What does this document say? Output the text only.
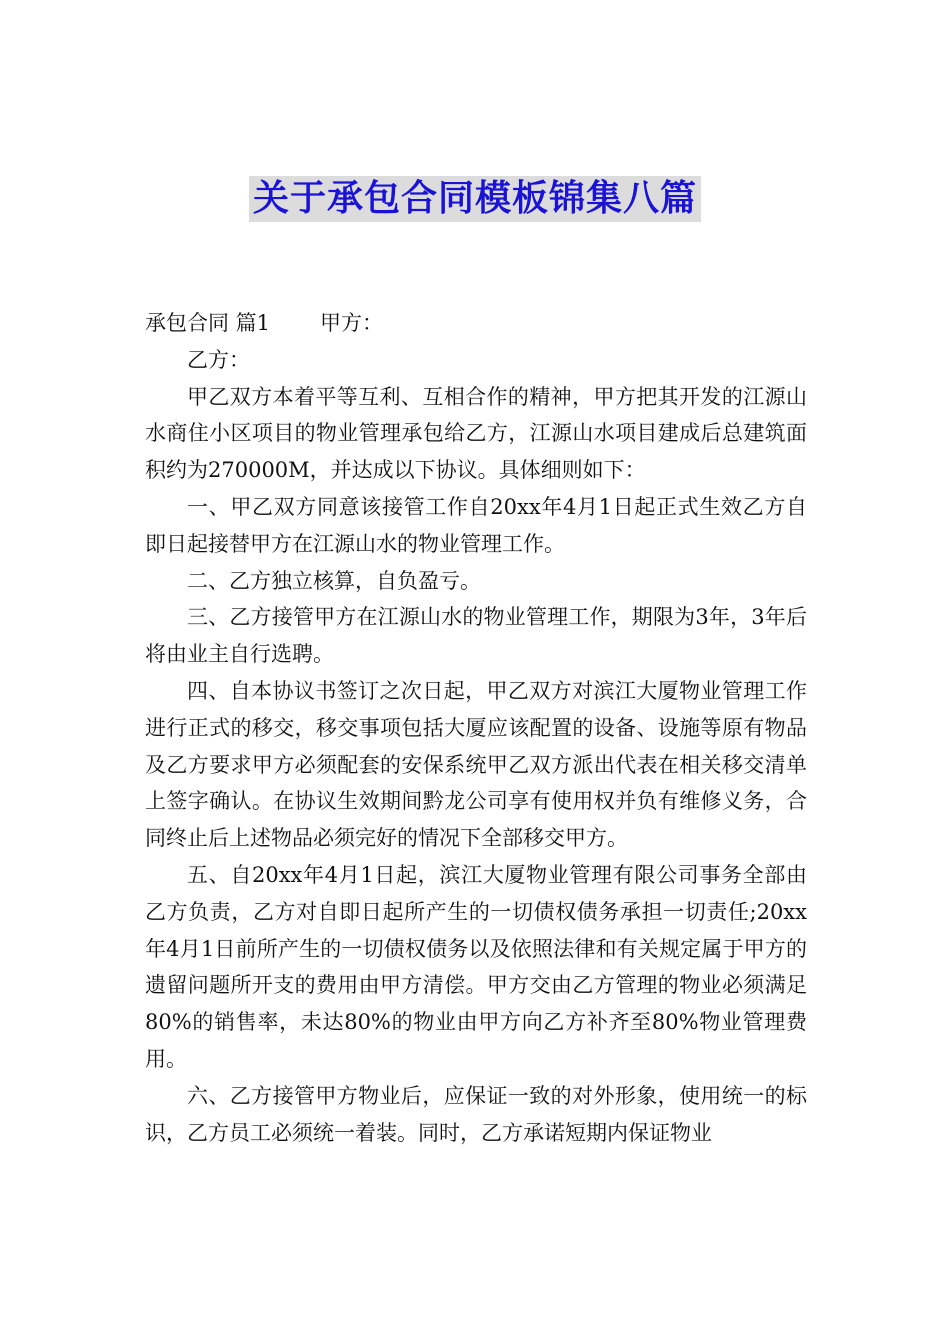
关于承包合同模板锦集八篇

承包合同 篇1 甲方：

乙方：

甲乙双方本着平等互利、互相合作的精神，甲方把其开发的江源山水商住小区项目的物业管理承包给乙方，江源山水项目建成后总建筑面积约为270000M，并达成以下协议。具体细则如下：

一、甲乙双方同意该接管工作自20xx年4月1日起正式生效乙方自即日起接替甲方在江源山水的物业管理工作。

二、乙方独立核算，自负盈亏。

三、乙方接管甲方在江源山水的物业管理工作，期限为3年，3年后将由业主自行选聘。

四、自本协议书签订之次日起，甲乙双方对滨江大厦物业管理工作进行正式的移交，移交事项包括大厦应该配置的设备、设施等原有物品及乙方要求甲方必须配套的安保系统甲乙双方派出代表在相关移交清单上签字确认。在协议生效期间黔龙公司享有使用权并负有维修义务，合同终止后上述物品必须完好的情况下全部移交甲方。

五、自20xx年4月1日起，滨江大厦物业管理有限公司事务全部由乙方负责，乙方对自即日起所产生的一切债权债务承担一切责任;20xx年4月1日前所产生的一切债权债务以及依照法律和有关规定属于甲方的遗留问题所开支的费用由甲方清偿。甲方交由乙方管理的物业必须满足80%的销售率，未达80%的物业由甲方向乙方补齐至80%物业管理费用。

六、乙方接管甲方物业后，应保证一致的对外形象，使用统一的标识，乙方员工必须统一着装。同时，乙方承诺短期内保证物业
